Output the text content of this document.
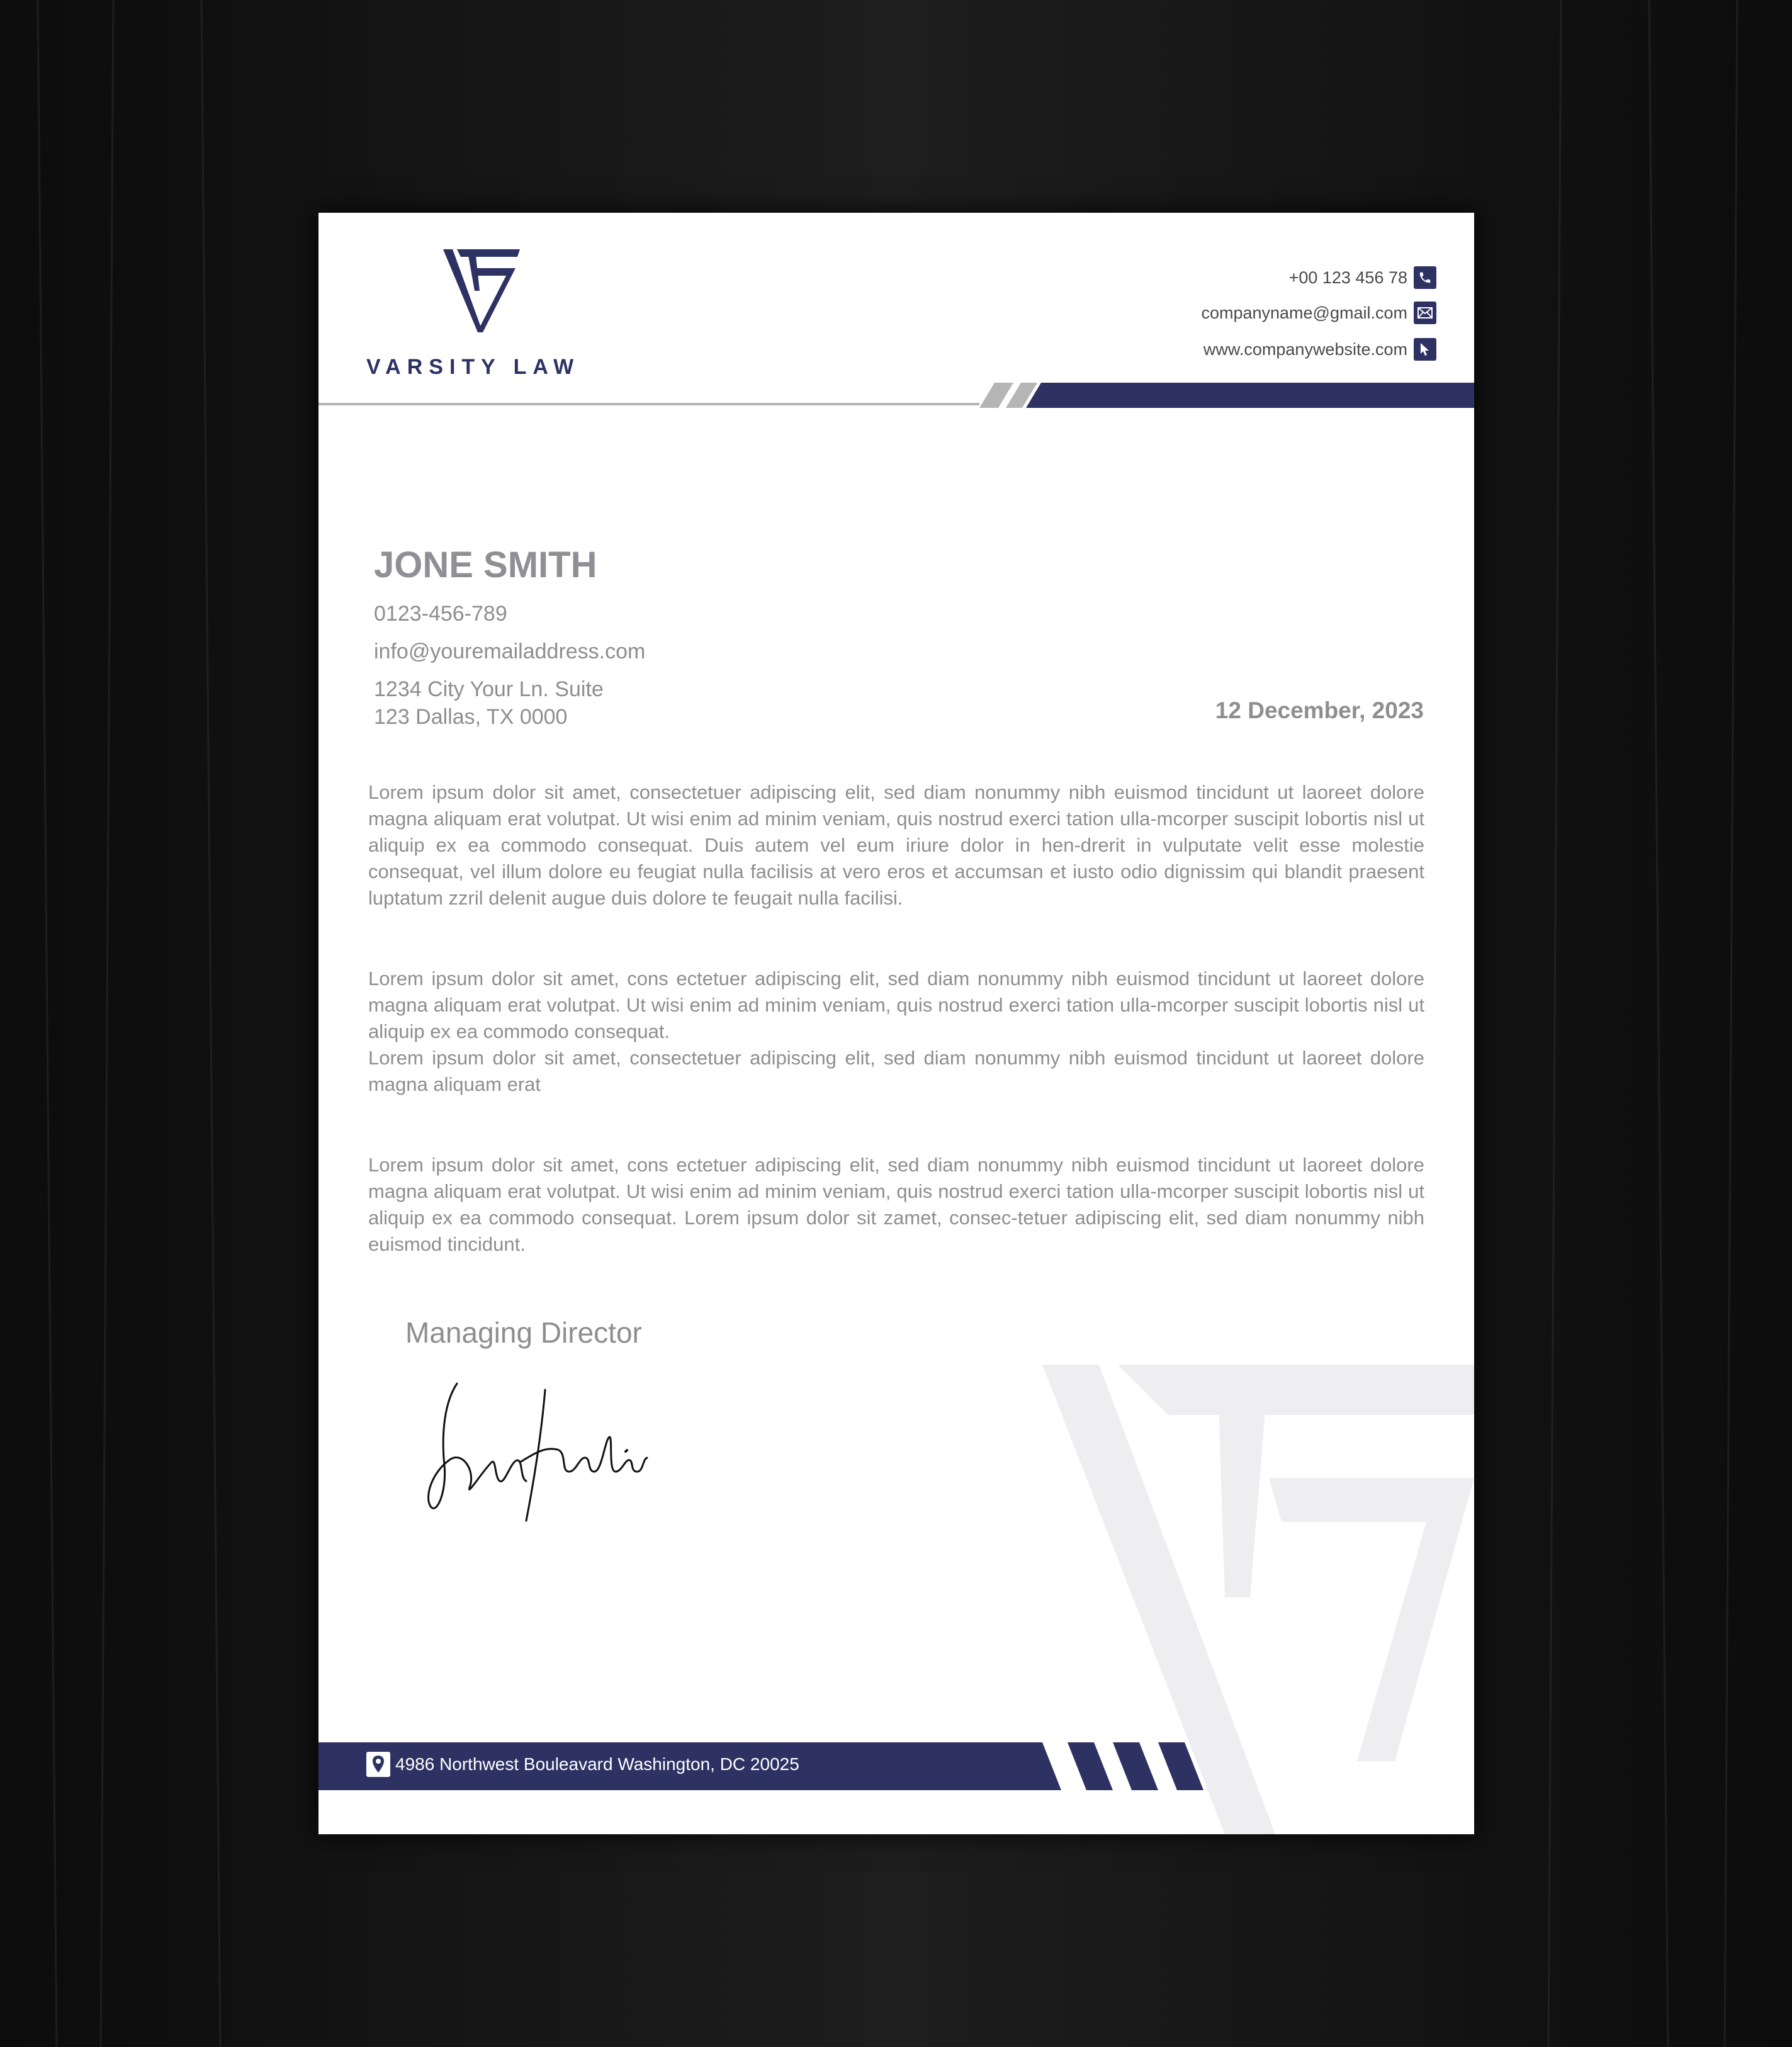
VARSITY LAW
+00 123 456 78
companyname@gmail.com
www.companywebsite.com
JONE SMITH
0123-456-789
info@youremailaddress.com
1234 City Your Ln. Suite
123 Dallas, TX 0000	12 December, 2023

Lorem ipsum dolor sit amet, consectetuer adipiscing elit, sed diam nonummy nibh euismod tincidunt ut laoreet dolore magna aliquam erat volutpat. Ut wisi enim ad minim veniam, quis nostrud exerci tation ulla-mcorper suscipit lobortis nisl ut aliquip ex ea commodo consequat. Duis autem vel eum iriure dolor in hen-drerit in vulputate velit esse molestie consequat, vel illum dolore eu feugiat nulla facilisis at vero eros et accumsan et iusto odio dignissim qui blandit praesent luptatum zzril delenit augue duis dolore te feugait nulla facilisi.

Lorem ipsum dolor sit amet, cons ectetuer adipiscing elit, sed diam nonummy nibh euismod tincidunt ut laoreet dolore magna aliquam erat volutpat. Ut wisi enim ad minim veniam, quis nostrud exerci tation ulla-mcorper suscipit lobortis nisl ut aliquip ex ea commodo consequat.

Lorem ipsum dolor sit amet, consectetuer adipiscing elit, sed diam nonummy nibh euismod tincidunt ut laoreet dolore magna aliquam erat

Lorem ipsum dolor sit amet, cons ectetuer adipiscing elit, sed diam nonummy nibh euismod tincidunt ut laoreet dolore magna aliquam erat volutpat. Ut wisi enim ad minim veniam, quis nostrud exerci tation ulla-mcorper suscipit lobortis nisl ut aliquip ex ea commodo consequat. Lorem ipsum dolor sit zamet, consec-tetuer adipiscing elit, sed diam nonummy nibh euismod tincidunt.

Managing Director
4986 Northwest Bouleavard Washington, DC 20025
